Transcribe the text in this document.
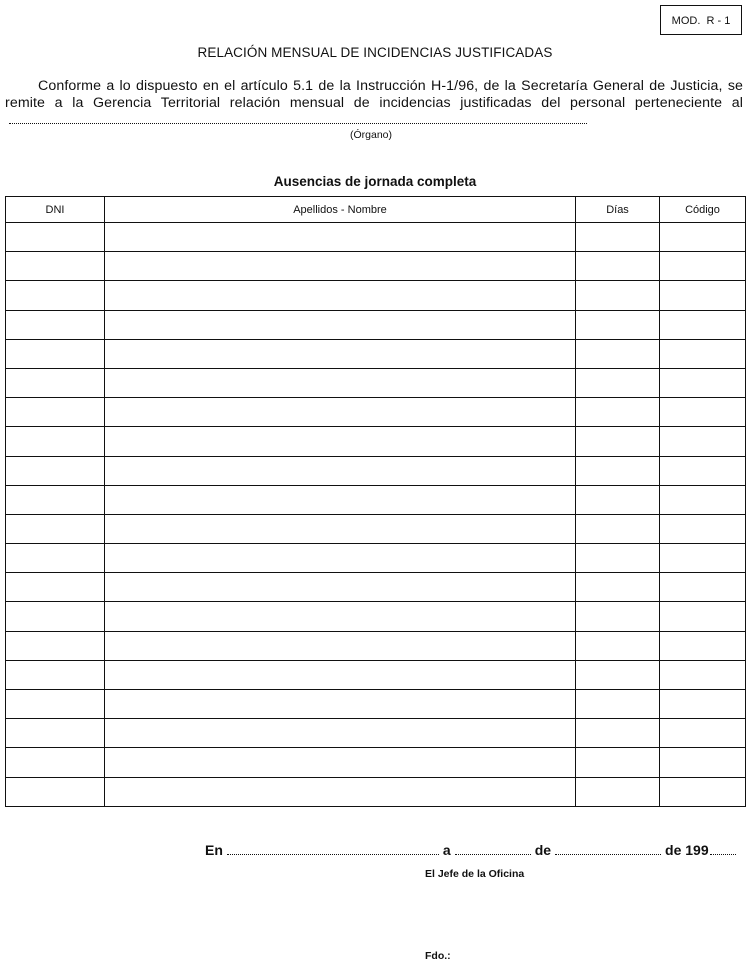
MOD.  R - 1
RELACIÓN MENSUAL DE INCIDENCIAS JUSTIFICADAS
Conforme a lo dispuesto en el artículo 5.1 de la Instrucción H-1/96, de la Secretaría General de Justicia, se remite a la Gerencia Territorial relación mensual de incidencias justificadas del personal perteneciente al
(Órgano)
Ausencias de jornada completa
DNI	Apellidos - Nombre	Días	Código

En	a	de	de 199
El Jefe de la Oficina
Fdo.:
